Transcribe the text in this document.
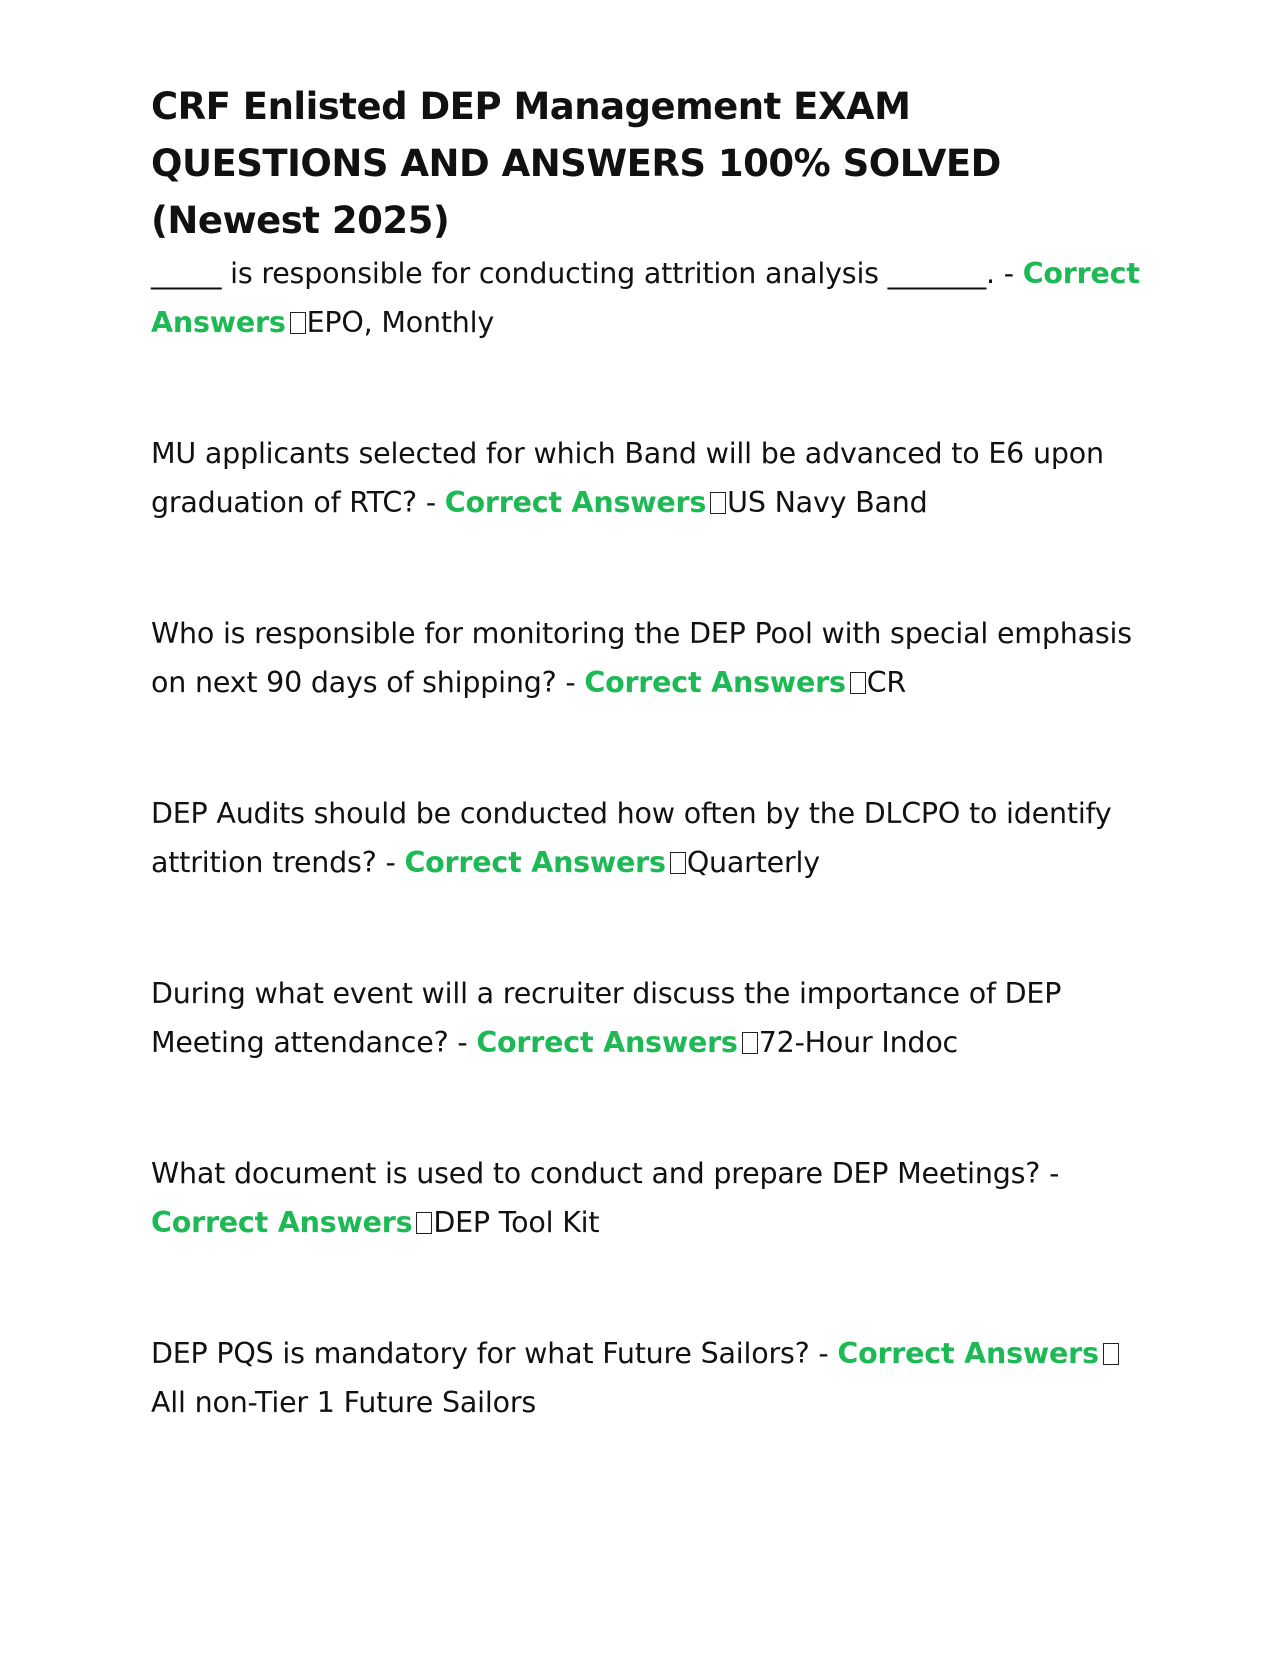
CRF Enlisted DEP Management EXAM QUESTIONS AND ANSWERS 100% SOLVED (Newest 2025)

_____ is responsible for conducting attrition analysis _______. - Correct Answers EPO, Monthly

MU applicants selected for which Band will be advanced to E6 upon graduation of RTC? - Correct Answers US Navy Band

Who is responsible for monitoring the DEP Pool with special emphasis on next 90 days of shipping? - Correct Answers CR

DEP Audits should be conducted how often by the DLCPO to identify attrition trends? - Correct Answers Quarterly

During what event will a recruiter discuss the importance of DEP Meeting attendance? - Correct Answers 72-Hour Indoc

What document is used to conduct and prepare DEP Meetings? - Correct Answers DEP Tool Kit

DEP PQS is mandatory for what Future Sailors? - Correct AnswersAll non-Tier 1 Future Sailors
